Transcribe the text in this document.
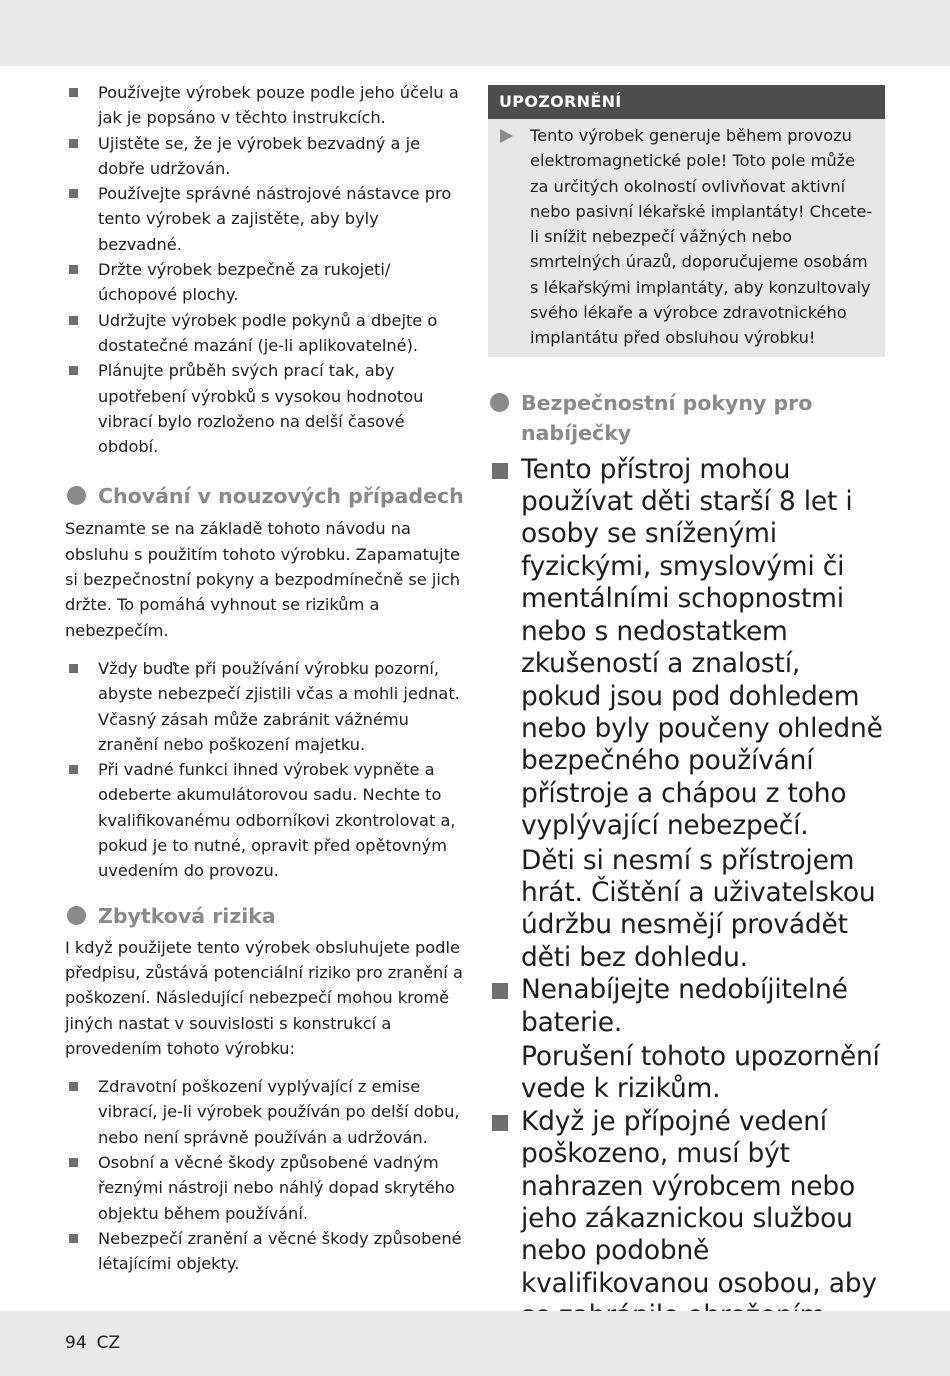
Používejte výrobek pouze podle jeho účelu a jak je popsáno v těchto instrukcích.
Ujistěte se, že je výrobek bezvadný a je dobře udržován.
Používejte správné nástrojové nástavce pro tento výrobek a zajistěte, aby byly bezvadné.
Držte výrobek bezpečně za rukojeti/ úchopové plochy.
Udržujte výrobek podle pokynů a dbejte o dostatečné mazání (je-li aplikovatelné).
Plánujte průběh svých prací tak, aby upotřebení výrobků s vysokou hodnotou vibrací bylo rozloženo na delší časové období.
Chování v nouzových případech

Seznamte se na základě tohoto návodu na obsluhu s použitím tohoto výrobku. Zapamatujte si bezpečnostní pokyny a bezpodmínečně se jich držte. To pomáhá vyhnout se rizikům a nebezpečím.

Vždy buďte při používání výrobku pozorní, abyste nebezpečí zjistili včas a mohli jednat. Včasný zásah může zabránit vážnému zranění nebo poškození majetku.
Při vadné funkci ihned výrobek vypněte a odeberte akumulátorovou sadu. Nechte to kvalifikovanému odborníkovi zkontrolovat a, pokud je to nutné, opravit před opětovným uvedením do provozu.
Zbytková rizika

I když použijete tento výrobek obsluhujete podle předpisu, zůstává potenciální riziko pro zranění a poškození. Následující nebezpečí mohou kromě jiných nastat v souvislosti s konstrukcí a provedením tohoto výrobku:

Zdravotní poškození vyplývající z emise vibrací, je-li výrobek používán po delší dobu, nebo není správně používán a udržován.
Osobní a věcné škody způsobené vadným řeznými nástroji nebo náhlý dopad skrytého objektu během používání.
Nebezpečí zranění a věcné škody způsobené létajícími objekty.
UPOZORNĚNÍ
Tento výrobek generuje během provozu elektromagnetické pole! Toto pole může za určitých okolností ovlivňovat aktivní nebo pasivní lékařské implantáty! Chcete-li snížit nebezpečí vážných nebo smrtelných úrazů, doporučujeme osobám s lékařskými implantáty, aby konzultovaly svého lékaře a výrobce zdravotnického implantátu před obsluhou výrobku!
Bezpečnostní pokyny pro nabíječky
Tento přístroj mohou používat děti starší 8 let i osoby se sníženými fyzickými, smyslovými či mentálními schopnostmi nebo s nedostatkem zkušeností a znalostí, pokud jsou pod dohledem nebo byly poučeny ohledně bezpečného používání přístroje a chápou z toho vyplývající nebezpečí.
Děti si nesmí s přístrojem hrát. Čištění a uživatelskou údržbu nesmějí provádět děti bez dohledu.
Nenabíjejte nedobíjitelné baterie.
Porušení tohoto upozornění vede k rizikům.
Když je přípojné vedení poškozeno, musí být nahrazen výrobcem nebo jeho zákaznickou službou nebo podobně kvalifikovanou osobou, aby
94 CZ
